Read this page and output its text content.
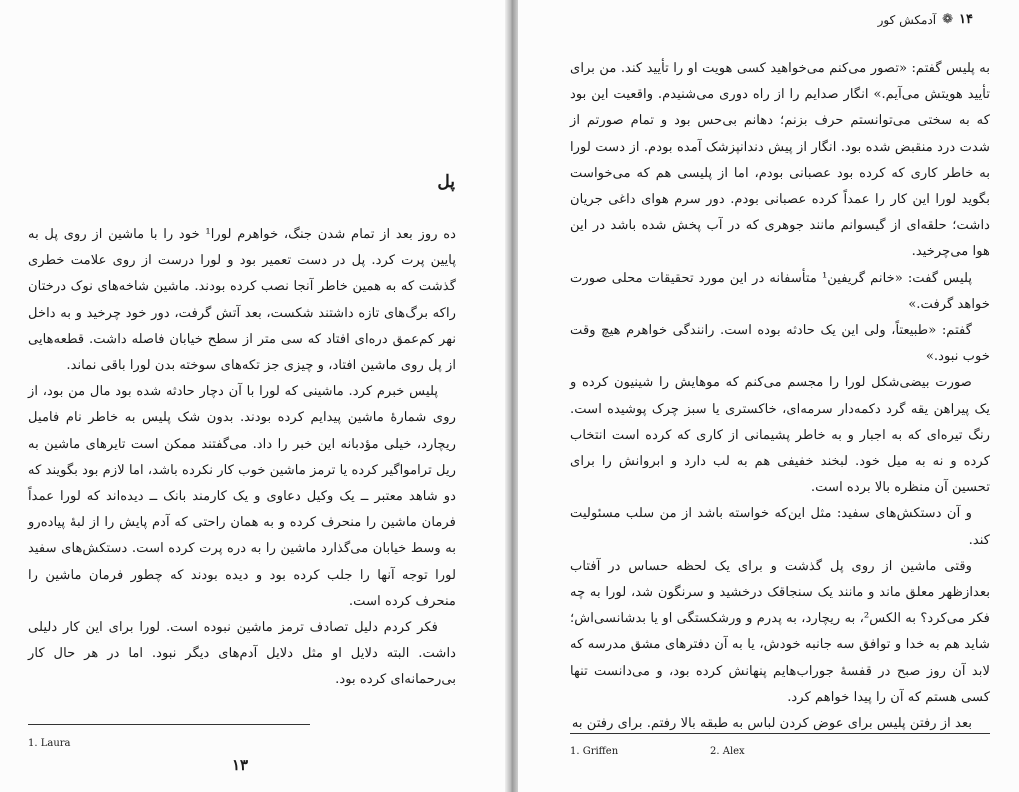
پل

ده روز بعد از تمام شدن جنگ، خواهرم لورا¹ خود را با ماشین از روی پل به پایین پرت کرد. پل در دست تعمیر بود و لورا درست از روی علامت خطری گذشت که به همین خاطر آنجا نصب کرده بودند. ماشین شاخه‌های نوک درختان راکه برگ‌های تازه داشتند شکست، بعد آتش گرفت، دور خود چرخید و به داخل نهر کم‌عمق دره‌ای افتاد که سی متر از سطح خیابان فاصله داشت. قطعه‌هایی از پل روی ماشین افتاد، و چیزی جز تکه‌های سوخته بدن لورا باقی نماند.

پلیس خبرم کرد. ماشینی که لورا با آن دچار حادثه شده بود مال من بود، از روی شمارهٔ ماشین پیدایم کرده بودند. بدون شک پلیس به خاطر نام فامیل ریچارد، خیلی مؤدبانه این خبر را داد. می‌گفتند ممکن است تایرهای ماشین به ریل ترامواگیر کرده یا ترمز ماشین خوب کار نکرده باشد، اما لازم بود بگویند که دو شاهد معتبر ــ یک وکیل دعاوی و یک کارمند بانک ــ دیده‌اند که لورا عمداً فرمان ماشین را منحرف کرده و به همان راحتی که آدم پایش را از لبهٔ پیاده‌رو به وسط خیابان می‌گذارد ماشین را به دره پرت کرده است. دستکش‌های سفید لورا توجه آنها را جلب کرده بود و دیده بودند که چطور فرمان ماشین را منحرف کرده است.

فکر کردم دلیل تصادف ترمز ماشین نبوده است. لورا برای این کار دلیلی داشت. البته دلایل او مثل دلایل آدم‌های دیگر نبود. اما در هر حال کار بی‌رحمانه‌ای کرده بود.

1. Laura
۱۳
۱۴
❁
آدمکش کور

به پلیس گفتم: «تصور می‌کنم می‌خواهید کسی هویت او را تأیید کند. من برای تأیید هویتش می‌آیم.» انگار صدایم را از راه دوری می‌شنیدم. واقعیت این بود که به سختی می‌توانستم حرف بزنم؛ دهانم بی‌حس بود و تمام صورتم از شدت درد منقبض شده بود. انگار از پیش دندانپزشک آمده بودم. از دست لورا به خاطر کاری که کرده بود عصبانی بودم، اما از پلیسی هم که می‌خواست بگوید لورا این کار را عمداً کرده عصبانی بودم. دور سرم هوای داغی جریان داشت؛ حلقه‌ای از گیسوانم مانند جوهری که در آب پخش شده باشد در این هوا می‌چرخید.

پلیس گفت: «خانم گریفین¹ متأسفانه در این مورد تحقیقات محلی صورت خواهد گرفت.»

گفتم: «طبیعتاً، ولی این یک حادثه بوده است. رانندگی خواهرم هیچ وقت خوب نبود.»

صورت بیضی‌شکل لورا را مجسم می‌کنم که موهایش را شینیون کرده و یک پیراهن یقه گرد دکمه‌دار سرمه‌ای، خاکستری یا سبز چرک پوشیده است. رنگ تیره‌ای که به اجبار و به خاطر پشیمانی از کاری که کرده است انتخاب کرده و نه به میل خود. لبخند خفیفی هم به لب دارد و ابروانش را برای تحسین آن منظره بالا برده است.

و آن دستکش‌های سفید: مثل این‌که خواسته باشد از من سلب مسئولیت کند.

وقتی ماشین از روی پل گذشت و برای یک لحظه حساس در آفتاب بعدازظهر معلق ماند و مانند یک سنجاقک درخشید و سرنگون شد، لورا به چه فکر می‌کرد؟ به الکس²، به ریچارد، به پدرم و ورشکستگی او یا بدشانسی‌اش؛ شاید هم به خدا و توافق سه جانبه خودش، یا به آن دفترهای مشق مدرسه که لابد آن روز صبح در قفسهٔ جوراب‌هایم پنهانش کرده بود، و می‌دانست تنها کسی هستم که آن را پیدا خواهم کرد.

بعد از رفتن پلیس برای عوض کردن لباس به طبقه بالا رفتم. برای رفتن به

1. Griffen	2. Alex
